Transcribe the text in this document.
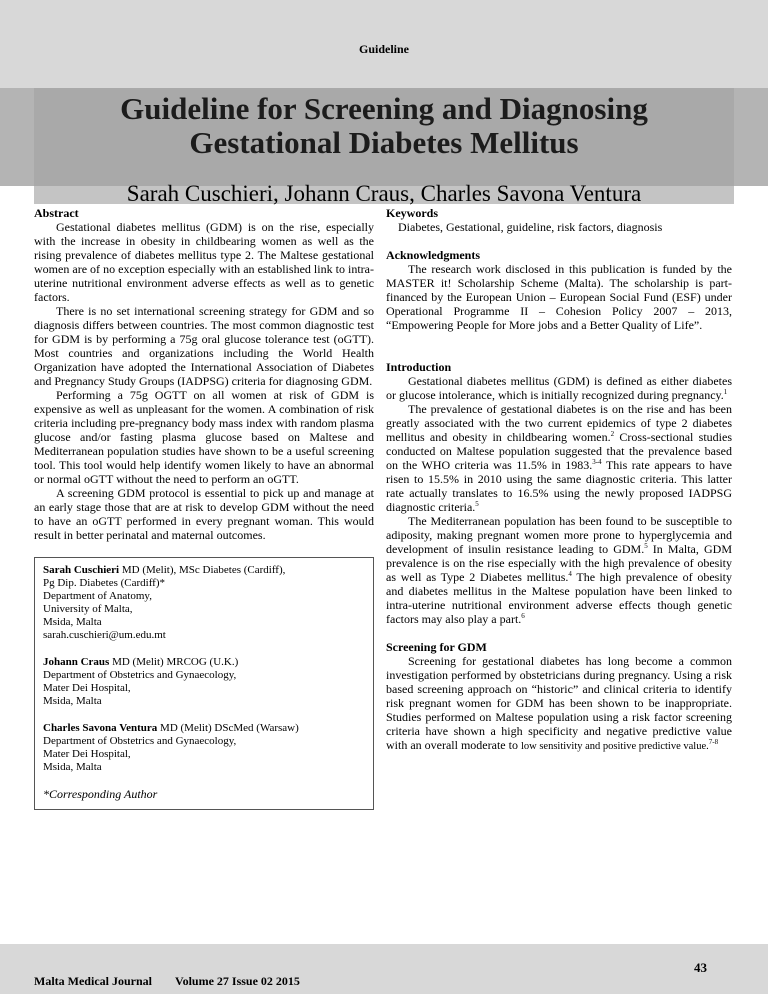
Guideline
Guideline for Screening and Diagnosing
Gestational Diabetes Mellitus
Sarah Cuschieri, Johann Craus, Charles Savona Ventura
Abstract

Gestational diabetes mellitus (GDM) is on the rise, especially with the increase in obesity in childbearing women as well as the rising prevalence of diabetes mellitus type 2. The Maltese gestational women are of no exception especially with an established link to intra-uterine nutritional environment adverse effects as well as to genetic factors.

There is no set international screening strategy for GDM and so diagnosis differs between countries. The most common diagnostic test for GDM is by performing a 75g oral glucose tolerance test (oGTT). Most countries and organizations including the World Health Organization have adopted the International Association of Diabetes and Pregnancy Study Groups (IADPSG) criteria for diagnosing GDM.

Performing a 75g OGTT on all women at risk of GDM is expensive as well as unpleasant for the women. A combination of risk criteria including pre-pregnancy body mass index with random plasma glucose and/or fasting plasma glucose based on Maltese and Mediterranean population studies have shown to be a useful screening tool. This tool would help identify women likely to have an abnormal or normal oGTT without the need to perform an oGTT.

A screening GDM protocol is essential to pick up and manage at an early stage those that are at risk to develop GDM without the need to have an oGTT performed in every pregnant woman. This would result in better perinatal and maternal outcomes.

Sarah Cuschieri MD (Melit), MSc Diabetes (Cardiff),
Pg Dip. Diabetes (Cardiff)*
Department of Anatomy,
University of Malta,
Msida, Malta
sarah.cuschieri@um.edu.mt
Johann Craus MD (Melit) MRCOG (U.K.)
Department of Obstetrics and Gynaecology,
Mater Dei Hospital,
Msida, Malta
Charles Savona Ventura MD (Melit) DScMed (Warsaw)
Department of Obstetrics and Gynaecology,
Mater Dei Hospital,
Msida, Malta
*Corresponding Author
Keywords

Diabetes, Gestational, guideline, risk factors, diagnosis

Acknowledgments

The research work disclosed in this publication is funded by the MASTER it! Scholarship Scheme (Malta). The scholarship is part-financed by the European Union – European Social Fund (ESF) under Operational Programme II – Cohesion Policy 2007 – 2013, “Empowering People for More jobs and a Better Quality of Life”.

Introduction

Gestational diabetes mellitus (GDM) is defined as either diabetes or glucose intolerance, which is initially recognized during pregnancy.$^1$

The prevalence of gestational diabetes is on the rise and has been greatly associated with the two current epidemics of type 2 diabetes mellitus and obesity in childbearing women.$^2$ Cross-sectional studies conducted on Maltese population suggested that the prevalence based on the WHO criteria was 11.5% in 1983.$^{3-4}$ This rate appears to have risen to 15.5% in 2010 using the same diagnostic criteria. This latter rate actually translates to 16.5% using the newly proposed IADPSG diagnostic criteria.$^5$

The Mediterranean population has been found to be susceptible to adiposity, making pregnant women more prone to hyperglycemia and development of insulin resistance leading to GDM.$^5$ In Malta, GDM prevalence is on the rise especially with the high prevalence of obesity as well as Type 2 Diabetes mellitus.$^4$ The high prevalence of obesity and diabetes mellitus in the Maltese population have been linked to intra-uterine nutritional environment adverse effects though genetic factors may also play a part.$^6$

Screening for GDM

Screening for gestational diabetes has long become a common investigation performed by obstetricians during pregnancy. Using a risk based screening approach on “historic” and clinical criteria to identify risk pregnant women for GDM has been shown to be inappropriate. Studies performed on Maltese population using a risk factor screening criteria have shown a high specificity and negative predictive value with an overall moderate to low sensitivity and positive predictive value.$^{7-8}$

Malta Medical Journal Volume 27 Issue 02 2015
43
